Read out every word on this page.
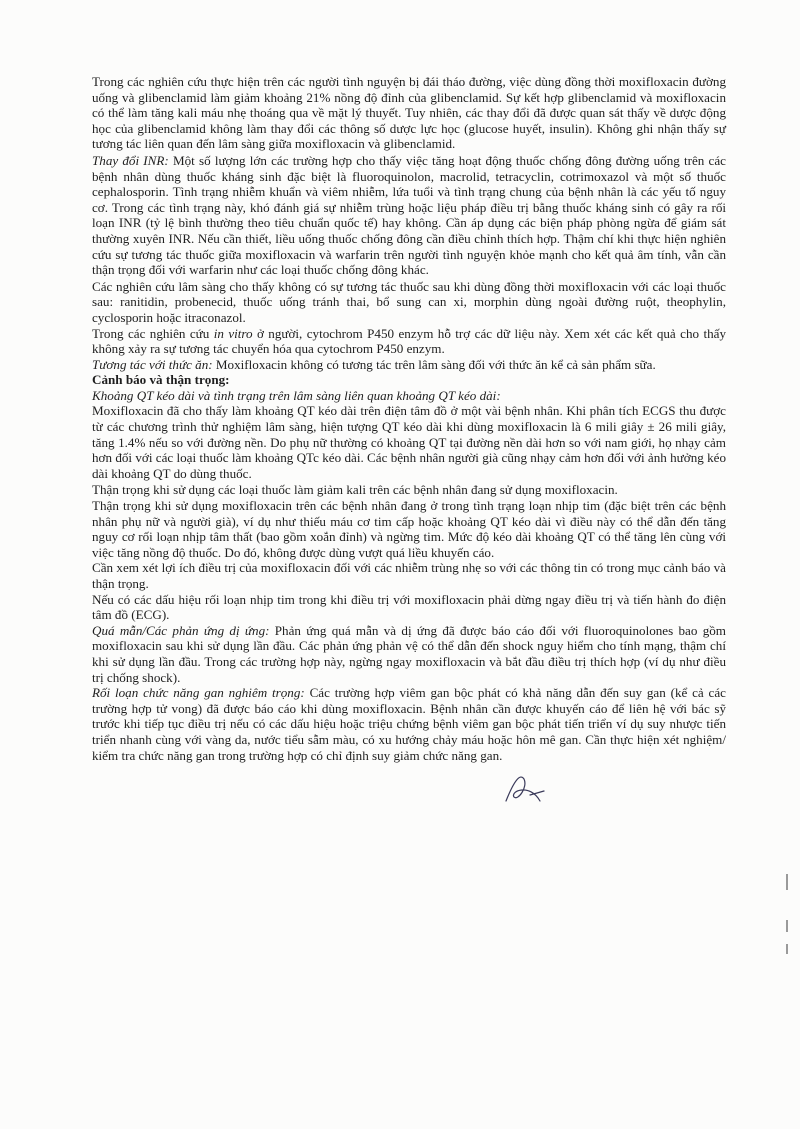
Trong các nghiên cứu thực hiện trên các người tình nguyện bị đái tháo đường, việc dùng đồng thời moxifloxacin đường uống và glibenclamid làm giảm khoảng 21% nồng độ đỉnh của glibenclamid. Sự kết hợp glibenclamid và moxifloxacin có thể làm tăng kali máu nhẹ thoáng qua về mặt lý thuyết. Tuy nhiên, các thay đổi đã được quan sát thấy về dược động học của glibenclamid không làm thay đổi các thông số dược lực học (glucose huyết, insulin). Không ghi nhận thấy sự tương tác liên quan đến lâm sàng giữa moxifloxacin và glibenclamid.

Thay đổi INR: Một số lượng lớn các trường hợp cho thấy việc tăng hoạt động thuốc chống đông đường uống trên các bệnh nhân dùng thuốc kháng sinh đặc biệt là fluoroquinolon, macrolid, tetracyclin, cotrimoxazol và một số thuốc cephalosporin. Tình trạng nhiễm khuẩn và viêm nhiễm, lứa tuổi và tình trạng chung của bệnh nhân là các yếu tố nguy cơ. Trong các tình trạng này, khó đánh giá sự nhiễm trùng hoặc liệu pháp điều trị bằng thuốc kháng sinh có gây ra rối loạn INR (tỷ lệ bình thường theo tiêu chuẩn quốc tế) hay không. Cần áp dụng các biện pháp phòng ngừa để giám sát thường xuyên INR. Nếu cần thiết, liều uống thuốc chống đông cần điều chỉnh thích hợp. Thậm chí khi thực hiện nghiên cứu sự tương tác thuốc giữa moxifloxacin và warfarin trên người tình nguyện khỏe mạnh cho kết quả âm tính, vẫn cần thận trọng đối với warfarin như các loại thuốc chống đông khác.

Các nghiên cứu lâm sàng cho thấy không có sự tương tác thuốc sau khi dùng đồng thời moxifloxacin với các loại thuốc sau: ranitidin, probenecid, thuốc uống tránh thai, bổ sung can xi, morphin dùng ngoài đường ruột, theophylin, cyclosporin hoặc itraconazol.

Trong các nghiên cứu in vitro ở người, cytochrom P450 enzym hỗ trợ các dữ liệu này. Xem xét các kết quả cho thấy không xảy ra sự tương tác chuyển hóa qua cytochrom P450 enzym.

Tương tác với thức ăn: Moxifloxacin không có tương tác trên lâm sàng đối với thức ăn kể cả sản phẩm sữa.

Cảnh báo và thận trọng:

Khoảng QT kéo dài và tình trạng trên lâm sàng liên quan khoảng QT kéo dài:

Moxifloxacin đã cho thấy làm khoảng QT kéo dài trên điện tâm đồ ở một vài bệnh nhân. Khi phân tích ECGS thu được từ các chương trình thử nghiệm lâm sàng, hiện tượng QT kéo dài khi dùng moxifloxacin là 6 mili giây ± 26 mili giây, tăng 1.4% nếu so với đường nền. Do phụ nữ thường có khoảng QT tại đường nền dài hơn so với nam giới, họ nhạy cảm hơn đối với các loại thuốc làm khoảng QTc kéo dài. Các bệnh nhân người già cũng nhạy cảm hơn đối với ảnh hưởng kéo dài khoảng QT do dùng thuốc.

Thận trọng khi sử dụng các loại thuốc làm giảm kali trên các bệnh nhân đang sử dụng moxifloxacin.

Thận trọng khi sử dụng moxifloxacin trên các bệnh nhân đang ở trong tình trạng loạn nhịp tim (đặc biệt trên các bệnh nhân phụ nữ và người già), ví dụ như thiếu máu cơ tim cấp hoặc khoảng QT kéo dài vì điều này có thể dẫn đến tăng nguy cơ rối loạn nhịp tâm thất (bao gồm xoắn đỉnh) và ngừng tim. Mức độ kéo dài khoảng QT có thể tăng lên cùng với việc tăng nồng độ thuốc. Do đó, không được dùng vượt quá liều khuyến cáo.

Cần xem xét lợi ích điều trị của moxifloxacin đối với các nhiễm trùng nhẹ so với các thông tin có trong mục cảnh báo và thận trọng.

Nếu có các dấu hiệu rối loạn nhịp tim trong khi điều trị với moxifloxacin phải dừng ngay điều trị và tiến hành đo điện tâm đồ (ECG).

Quá mẫn/Các phản ứng dị ứng: Phản ứng quá mẫn và dị ứng đã được báo cáo đối với fluoroquinolones bao gồm moxifloxacin sau khi sử dụng lần đầu. Các phản ứng phản vệ có thể dẫn đến shock nguy hiểm cho tính mạng, thậm chí khi sử dụng lần đầu. Trong các trường hợp này, ngừng ngay moxifloxacin và bắt đầu điều trị thích hợp (ví dụ như điều trị chống shock).

Rối loạn chức năng gan nghiêm trọng: Các trường hợp viêm gan bộc phát có khả năng dẫn đến suy gan (kể cả các trường hợp tử vong) đã được báo cáo khi dùng moxifloxacin. Bệnh nhân cần được khuyến cáo để liên hệ với bác sỹ trước khi tiếp tục điều trị nếu có các dấu hiệu hoặc triệu chứng bệnh viêm gan bộc phát tiến triển ví dụ suy nhược tiến triển nhanh cùng với vàng da, nước tiểu sẫm màu, có xu hướng chảy máu hoặc hôn mê gan. Cần thực hiện xét nghiệm/ kiểm tra chức năng gan trong trường hợp có chỉ định suy giảm chức năng gan.
